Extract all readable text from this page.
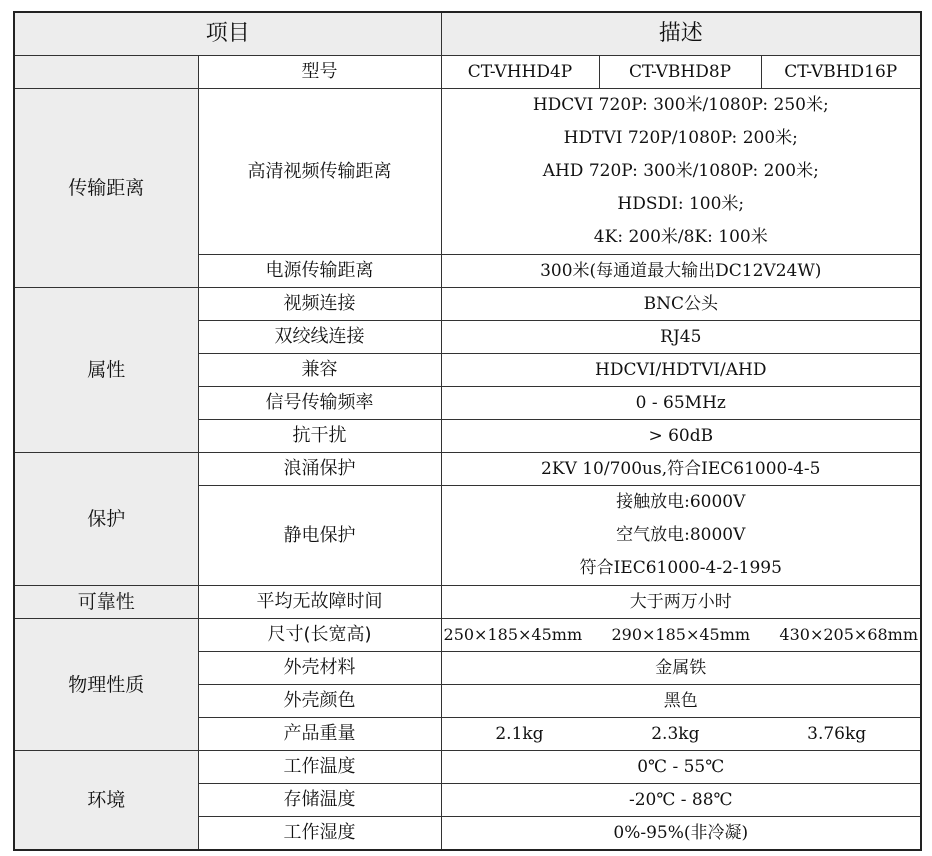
项目		描述		
	型号	CT-VHHD4P	CT-VBHD8P	CT-VBHD16P
传输距离	高清视频传输距离	HDCVI 720P: 300米/1080P: 250米;
HDTVI 720P/1080P: 200米;
AHD 720P: 300米/1080P: 200米;
HDSDI: 100米;
4K: 200米/8K: 100米		

	电源传输距离	300米(每通道最大输出DC12V24W)		
属性	视频连接	BNC公头		
	双绞线连接	RJ45		
	兼容	HDCVI/HDTVI/AHD		
	信号传输频率	0 - 65MHz		
	抗干扰	> 60dB		
保护	浪涌保护	2KV 10/700us,符合IEC61000-4-5		
	静电保护	接触放电:6000V
空气放电:8000V
符合IEC61000-4-2-1995		

可靠性	平均无故障时间	大于两万小时		
物理性质	尺寸(长宽高)	250×185×45mm 290×185×45mm 430×205×68mm		

	外壳材料	金属铁		
	外壳颜色	黑色		
	产品重量	2.1kg 2.3kg 3.76kg		

环境	工作温度	0℃ - 55℃		
	存储温度	-20℃ - 88℃		
	工作湿度	0%-95%(非冷凝)		
